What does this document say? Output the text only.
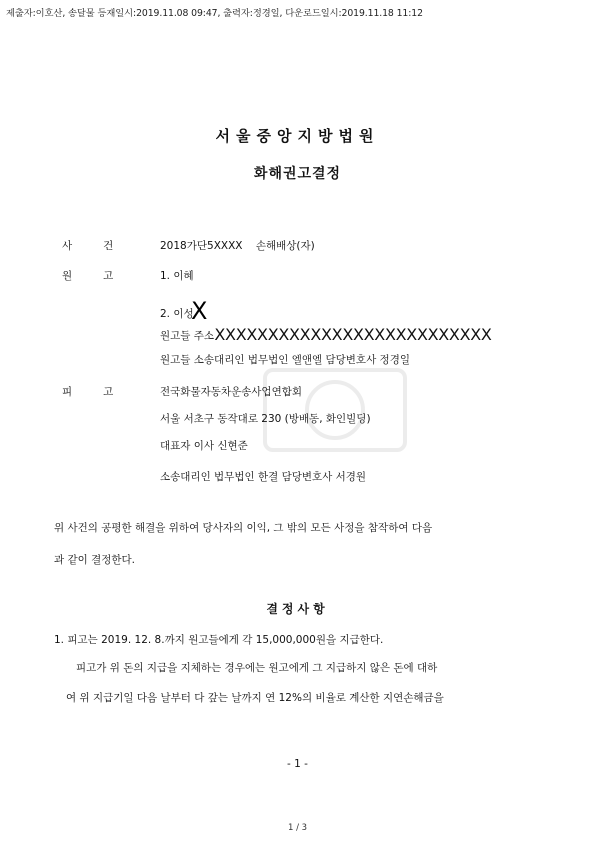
제출자:이호산, 송달물 등재일시:2019.11.08 09:47, 출력자:정경일, 다운로드일시:2019.11.18 11:12
서울중앙지방법원
화해권고결정
사	건	2018가단5XXXX 손해배상(자)
원	고	1. 이혜
2. 이성 X
원고들 주소 XXXXXXXXXXXXXXXXXXXXXXXXXX
원고들 소송대리인 법무법인 엘앤엘 담당변호사 정경일
피	고	전국화물자동차운송사업연합회
서울 서초구 동작대로 230 (방배동, 화인빌딩)
대표자 이사 신현준
소송대리인 법무법인 한결 담당변호사 서경원
위 사건의 공평한 해결을 위하여 당사자의 이익, 그 밖의 모든 사정을 참작하여 다음
과 같이 결정한다.
결정사항
1. 피고는 2019. 12. 8.까지 원고들에게 각 15,000,000원을 지급한다.
피고가 위 돈의 지급을 지체하는 경우에는 원고에게 그 지급하지 않은 돈에 대하
여 위 지급기일 다음 날부터 다 갚는 날까지 연 12%의 비율로 계산한 지연손해금을
- 1 -
1 / 3
